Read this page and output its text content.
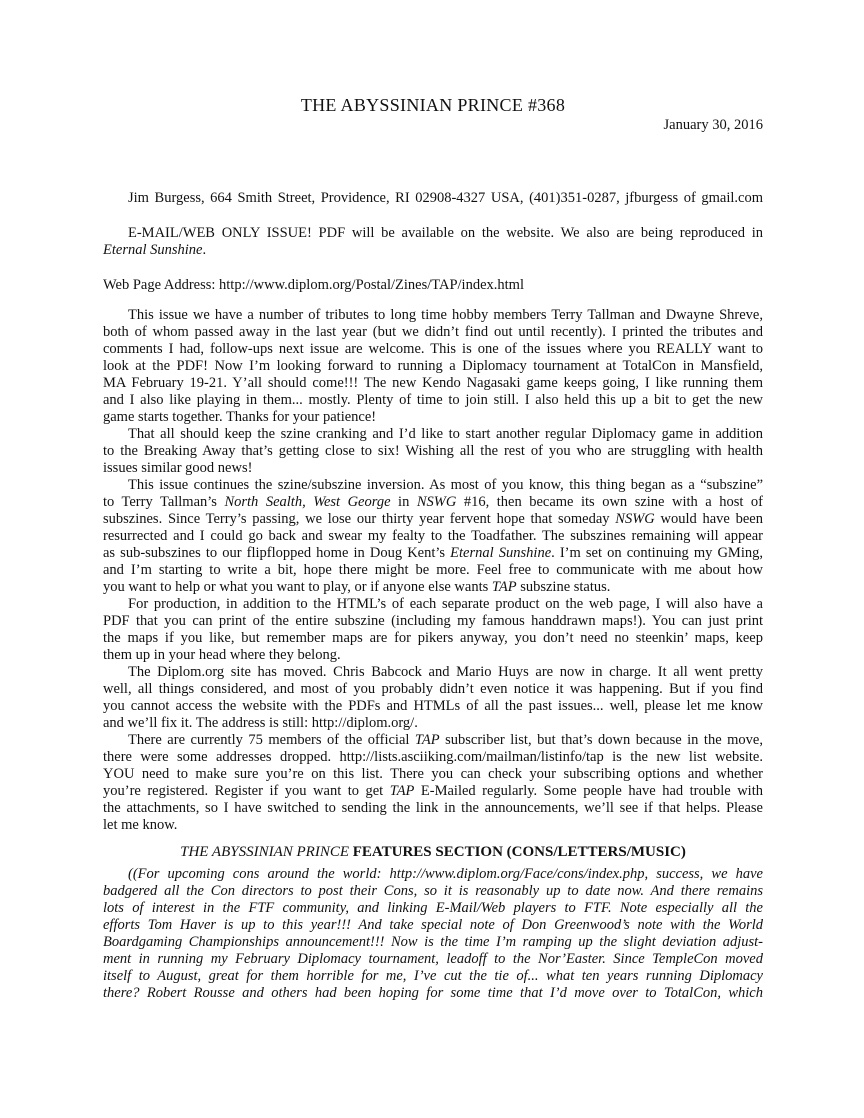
THE ABYSSINIAN PRINCE #368
January 30, 2016
Jim Burgess, 664 Smith Street, Providence, RI 02908-4327 USA, (401)351-0287, jfburgess of gmail.com
E-MAIL/WEB ONLY ISSUE! PDF will be available on the website. We also are being reproduced in
Eternal Sunshine.
Web Page Address: http://www.diplom.org/Postal/Zines/TAP/index.html
This issue we have a number of tributes to long time hobby members Terry Tallman and Dwayne Shreve,
both of whom passed away in the last year (but we didn’t find out until recently). I printed the tributes and
comments I had, follow-ups next issue are welcome. This is one of the issues where you REALLY want to
look at the PDF! Now I’m looking forward to running a Diplomacy tournament at TotalCon in Mansfield,
MA February 19-21. Y’all should come!!! The new Kendo Nagasaki game keeps going, I like running them
and I also like playing in them... mostly. Plenty of time to join still. I also held this up a bit to get the new
game starts together. Thanks for your patience!
That all should keep the szine cranking and I’d like to start another regular Diplomacy game in addition
to the Breaking Away that’s getting close to six! Wishing all the rest of you who are struggling with health
issues similar good news!
This issue continues the szine/subszine inversion. As most of you know, this thing began as a “subszine”
to Terry Tallman’s North Sealth, West George in NSWG #16, then became its own szine with a host of
subszines. Since Terry’s passing, we lose our thirty year fervent hope that someday NSWG would have been
resurrected and I could go back and swear my fealty to the Toadfather. The subszines remaining will appear
as sub-subszines to our flipflopped home in Doug Kent’s Eternal Sunshine. I’m set on continuing my GMing,
and I’m starting to write a bit, hope there might be more. Feel free to communicate with me about how
you want to help or what you want to play, or if anyone else wants TAP subszine status.
For production, in addition to the HTML’s of each separate product on the web page, I will also have a
PDF that you can print of the entire subszine (including my famous handdrawn maps!). You can just print
the maps if you like, but remember maps are for pikers anyway, you don’t need no steenkin’ maps, keep
them up in your head where they belong.
The Diplom.org site has moved. Chris Babcock and Mario Huys are now in charge. It all went pretty
well, all things considered, and most of you probably didn’t even notice it was happening. But if you find
you cannot access the website with the PDFs and HTMLs of all the past issues... well, please let me know
and we’ll fix it. The address is still: http://diplom.org/.
There are currently 75 members of the official TAP subscriber list, but that’s down because in the move,
there were some addresses dropped. http://lists.asciiking.com/mailman/listinfo/tap is the new list website.
YOU need to make sure you’re on this list. There you can check your subscribing options and whether
you’re registered. Register if you want to get TAP E-Mailed regularly. Some people have had trouble with
the attachments, so I have switched to sending the link in the announcements, we’ll see if that helps. Please
let me know.
THE ABYSSINIAN PRINCE FEATURES SECTION (CONS/LETTERS/MUSIC)
((For upcoming cons around the world: http://www.diplom.org/Face/cons/index.php, success, we have
badgered all the Con directors to post their Cons, so it is reasonably up to date now. And there remains
lots of interest in the FTF community, and linking E-Mail/Web players to FTF. Note especially all the
efforts Tom Haver is up to this year!!! And take special note of Don Greenwood’s note with the World
Boardgaming Championships announcement!!! Now is the time I’m ramping up the slight deviation adjust-
ment in running my February Diplomacy tournament, leadoff to the Nor’Easter. Since TempleCon moved
itself to August, great for them horrible for me, I’ve cut the tie of... what ten years running Diplomacy
there? Robert Rousse and others had been hoping for some time that I’d move over to TotalCon, which
